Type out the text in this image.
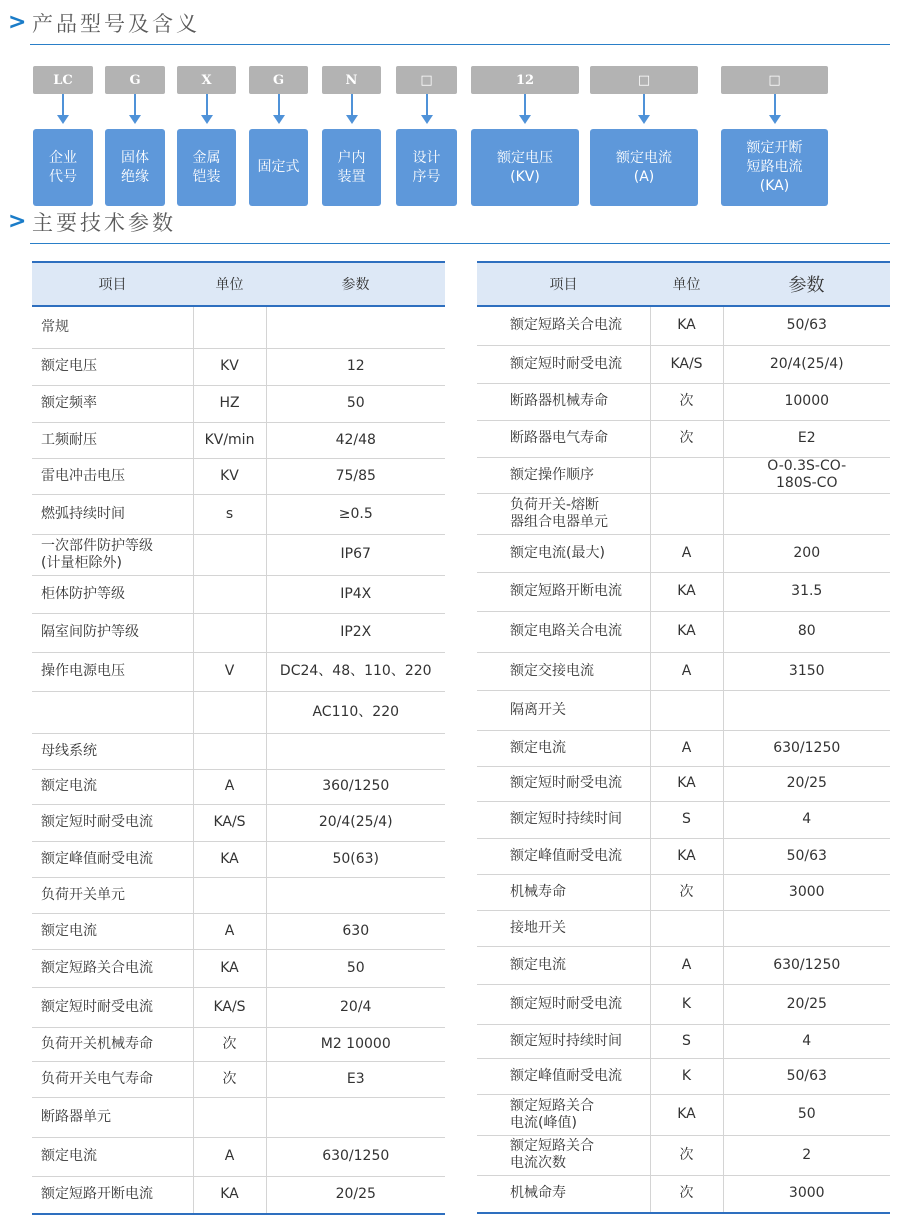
> 产品型号及含义
LC
企业
代号
G
固体
绝缘
X
金属
铠装
G
固定式
N
户内
装置
□
设计
序号
12
额定电压
(KV)
□
额定电流
(A)
□
额定开断
短路电流
(KA)
> 主要技术参数
项目	单位	参数
常规		
额定电压	KV	12
额定频率	HZ	50
工频耐压	KV/min	42/48
雷电冲击电压	KV	75/85
燃弧持续时间	s	≥0.5
一次部件防护等级
(计量柜除外)		IP67
柜体防护等级		IP4X
隔室间防护等级		IP2X
操作电源电压	V	DC24、48、110、220
		AC110、220
母线系统		
额定电流	A	360/1250
额定短时耐受电流	KA/S	20/4(25/4)
额定峰值耐受电流	KA	50(63)
负荷开关单元		
额定电流	A	630
额定短路关合电流	KA	50
额定短时耐受电流	KA/S	20/4
负荷开关机械寿命	次	M2 10000
负荷开关电气寿命	次	E3
断路器单元		
额定电流	A	630/1250
额定短路开断电流	KA	20/25
项目	单位	参数
额定短路关合电流	KA	50/63
额定短时耐受电流	KA/S	20/4(25/4)
断路器机械寿命	次	10000
断路器电气寿命	次	E2
额定操作顺序		O-0.3S-CO-
180S-CO
负荷开关-熔断
器组合电器单元		
额定电流(最大)	A	200
额定短路开断电流	KA	31.5
额定电路关合电流	KA	80
额定交接电流	A	3150
隔离开关		
额定电流	A	630/1250
额定短时耐受电流	KA	20/25
额定短时持续时间	S	4
额定峰值耐受电流	KA	50/63
机械寿命	次	3000
接地开关		
额定电流	A	630/1250
额定短时耐受电流	K	20/25
额定短时持续时间	S	4
额定峰值耐受电流	K	50/63
额定短路关合
电流(峰值)	KA	50
额定短路关合
电流次数	次	2
机械命寿	次	3000
